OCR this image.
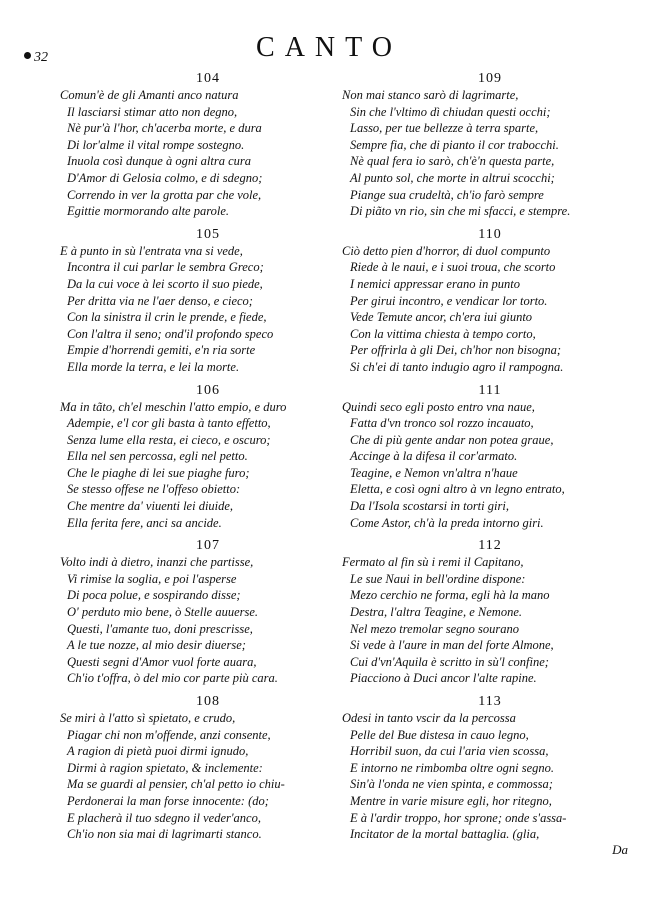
32	CANTO
104
Comun'è de gli Amanti anco natura
Il lasciarsi stimar atto non degno,
Nè pur'à l'hor, ch'acerba morte, e dura
Di lor'alme il vital rompe sostegno.
Inuola così dunque à ogni altra cura
D'Amor di Gelosia colmo, e di sdegno;
Correndo in ver la grotta par che vole,
Egittie mormorando alte parole.
105
E à punto in sù l'entrata vna si vede,
Incontra il cui parlar le sembra Greco;
Da la cui voce à lei scorto il suo piede,
Per dritta via ne l'aer denso, e cieco;
Con la sinistra il crin le prende, e fiede,
Con l'altra il seno; ond'il profondo speco
Empie d'horrendi gemiti, e'n ria sorte
Ella morde la terra, e lei la morte.
106
Ma in tãto, ch'el meschin l'atto empio, e duro
Adempie, e'l cor gli basta à tanto effetto,
Senza lume ella resta, ei cieco, e oscuro;
Ella nel sen percossa, egli nel petto.
Che le piaghe di lei sue piaghe furo;
Se stesso offese ne l'offeso obietto:
Che mentre da' viuenti lei diuide,
Ella ferita fere, anci sa ancide.
107
Volto indi à dietro, inanzi che partisse,
Vi rimise la soglia, e poi l'asperse
Di poca polue, e sospirando disse;
O' perduto mio bene, ò Stelle auuerse.
Questi, l'amante tuo, doni prescrisse,
A le tue nozze, al mio desir diuerse;
Questi segni d'Amor vuol forte auara,
Ch'io t'offra, ò del mio cor parte più cara.
108
Se miri à l'atto sì spietato, e crudo,
Piagar chi non m'offende, anzi consente,
A ragion di pietà puoi dirmi ignudo,
Dirmi à ragion spietato, & inclemente:
Ma se guardi al pensier, ch'al petto io chiu-
Perdonerai la man forse innocente: (do;
E placherà il tuo sdegno il veder'anco,
Ch'io non sia mai di lagrimarti stanco.
109
Non mai stanco sarò di lagrimarte,
Sin che l'vltimo dì chiudan questi occhi;
Lasso, per tue bellezze à terra sparte,
Sempre fia, che di pianto il cor trabocchi.
Nè qual fera io sarò, ch'è'n questa parte,
Al punto sol, che morte in altrui scocchi;
Piange sua crudeltà, ch'io farò sempre
Di piãto vn rio, sin che mi sfacci, e stempre.
110
Ciò detto pien d'horror, di duol compunto
Riede à le naui, e i suoi troua, che scorto
I nemici appressar erano in punto
Per girui incontro, e vendicar lor torto.
Vede Temute ancor, ch'era iui giunto
Con la vittima chiesta à tempo corto,
Per offrirla à gli Dei, ch'hor non bisogna;
Si ch'ei di tanto indugio agro il rampogna.
111
Quindi seco egli posto entro vna naue,
Fatta d'vn tronco sol rozzo incauato,
Che di più gente andar non potea graue,
Accinge à la difesa il cor'armato.
Teagine, e Nemon vn'altra n'haue
Eletta, e così ogni altro à vn legno entrato,
Da l'Isola scostarsi in torti giri,
Come Astor, ch'à la preda intorno giri.
112
Fermato al fin sù i remi il Capitano,
Le sue Naui in bell'ordine dispone:
Mezo cerchio ne forma, egli hà la mano
Destra, l'altra Teagine, e Nemone.
Nel mezo tremolar segno sourano
Si vede à l'aure in man del forte Almone,
Cui d'vn'Aquila è scritto in sù'l confine;
Piacciono à Duci ancor l'alte rapine.
113
Odesi in tanto vscir da la percossa
Pelle del Bue distesa in cauo legno,
Horribil suon, da cui l'aria vien scossa,
E intorno ne rimbomba oltre ogni segno.
Sin'à l'onda ne vien spinta, e commossa;
Mentre in varie misure egli, hor ritegno,
E à l'ardir troppo, hor sprone; onde s'assa-
Incitator de la mortal battaglia. (glia,
Da
